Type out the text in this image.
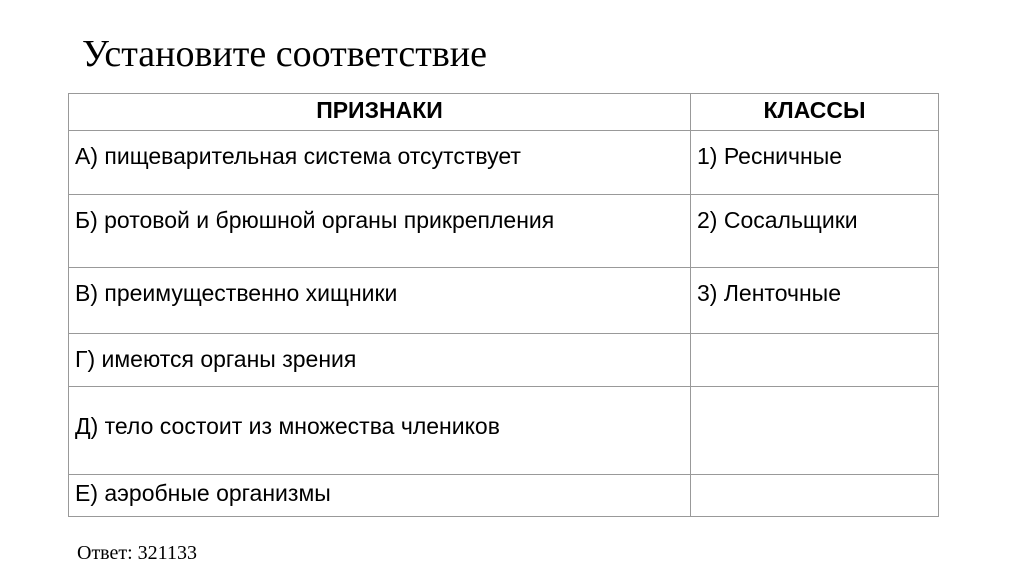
Установите соответствие
ПРИЗНАКИ	КЛАССЫ
А) пищеварительная система отсутствует	1) Ресничные
Б) ротовой и брюшной органы прикрепления	2) Сосальщики
В) преимущественно хищники	3) Ленточные
Г) имеются органы зрения	
Д) тело состоит из множества члеников	
Е) аэробные организмы	
Ответ: 321133
